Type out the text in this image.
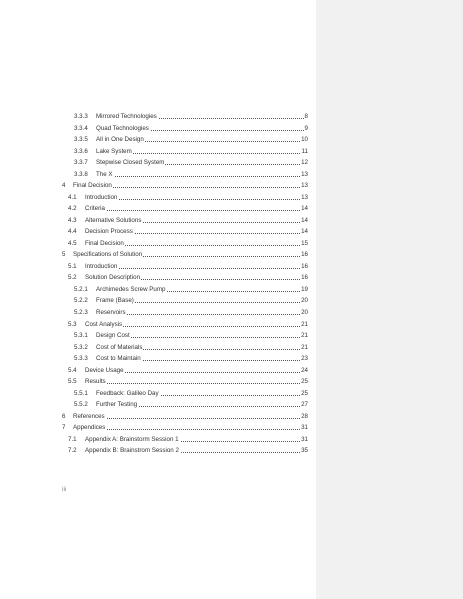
3.3.3 Mirrored Technologies	8
3.3.4 Quad Technologies	9
3.3.5 All in One Design	10
3.3.6 Lake System	11
3.3.7 Stepwise Closed System	12
3.3.8 The X	13
4 Final Decision	13
4.1 Introduction	13
4.2 Criteria	14
4.3 Alternative Solutions	14
4.4 Decision Process	14
4.5 Final Decision	15
5 Specifications of Solution	16
5.1 Introduction	16
5.2 Solution Description	16
5.2.1 Archimedes Screw Pump	19
5.2.2 Frame (Base)	20
5.2.3 Reservoirs	20
5.3 Cost Analysis	21
5.3.1 Design Cost	21
5.3.2 Cost of Materials	21
5.3.3 Cost to Maintain	23
5.4 Device Usage	24
5.5 Results	25
5.5.1 Feedback: Galileo Day	25
5.5.2 Further Testing	27
6 References	28
7 Appendices	31
7.1 Appendix A: Brainstorm Session 1	31
7.2 Appendix B: Brainstrom Session 2	35
iii
